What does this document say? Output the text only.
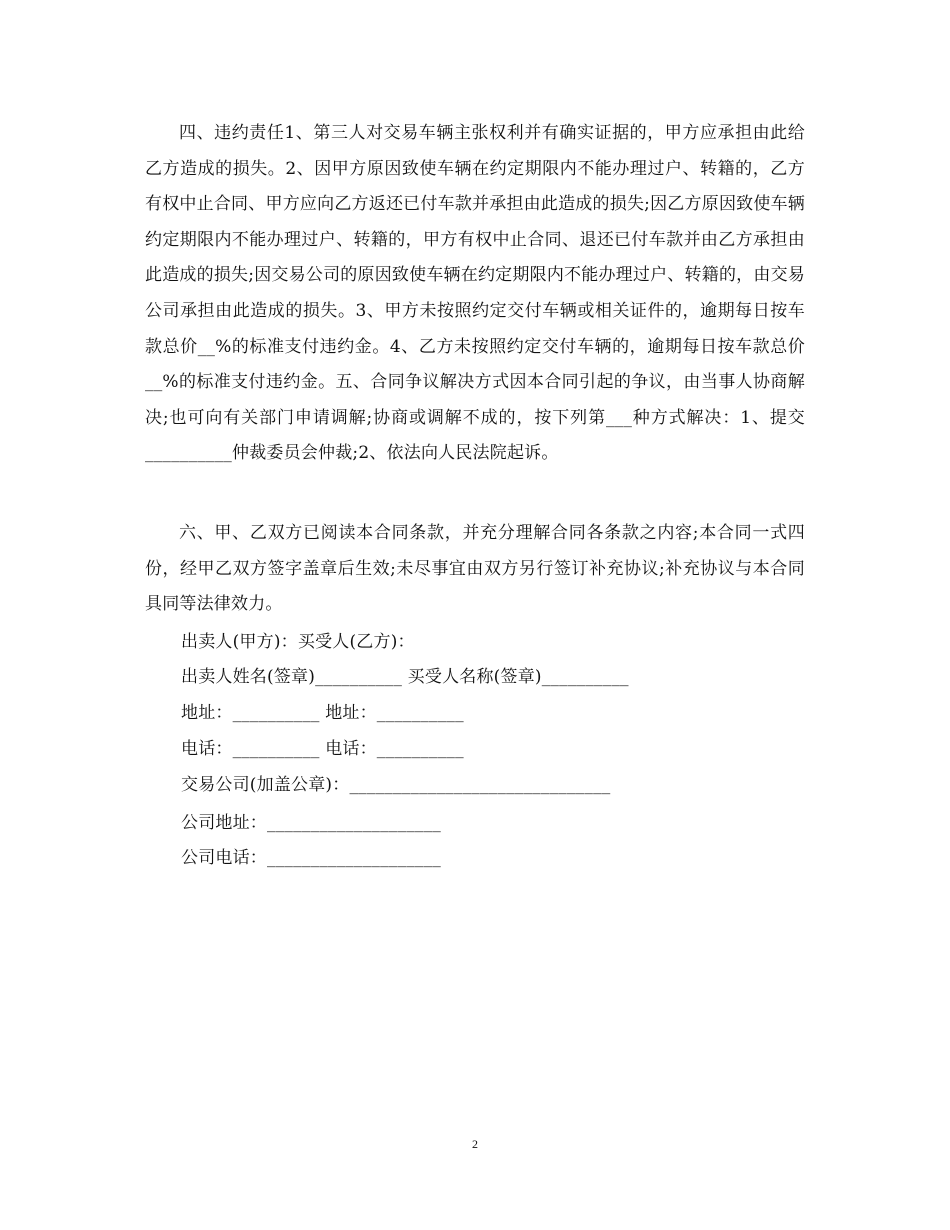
四、违约责任1、第三人对交易车辆主张权利并有确实证据的，甲方应承担由此给乙方造成的损失。2、因甲方原因致使车辆在约定期限内不能办理过户、转籍的，乙方有权中止合同、甲方应向乙方返还已付车款并承担由此造成的损失;因乙方原因致使车辆约定期限内不能办理过户、转籍的，甲方有权中止合同、退还已付车款并由乙方承担由此造成的损失;因交易公司的原因致使车辆在约定期限内不能办理过户、转籍的，由交易公司承担由此造成的损失。3、甲方未按照约定交付车辆或相关证件的，逾期每日按车款总价__%的标准支付违约金。4、乙方未按照约定交付车辆的，逾期每日按车款总价__%的标准支付违约金。五、合同争议解决方式因本合同引起的争议，由当事人协商解决;也可向有关部门申请调解;协商或调解不成的，按下列第___种方式解决：1、提交__________仲裁委员会仲裁;2、依法向人民法院起诉。

六、甲、乙双方已阅读本合同条款，并充分理解合同各条款之内容;本合同一式四份，经甲乙双方签字盖章后生效;未尽事宜由双方另行签订补充协议;补充协议与本合同具同等法律效力。

出卖人(甲方)：买受人(乙方)：
出卖人姓名(签章)__________ 买受人名称(签章)__________
地址：__________ 地址：__________
电话：__________ 电话：__________
交易公司(加盖公章)：______________________________
公司地址：____________________
公司电话：____________________
2
